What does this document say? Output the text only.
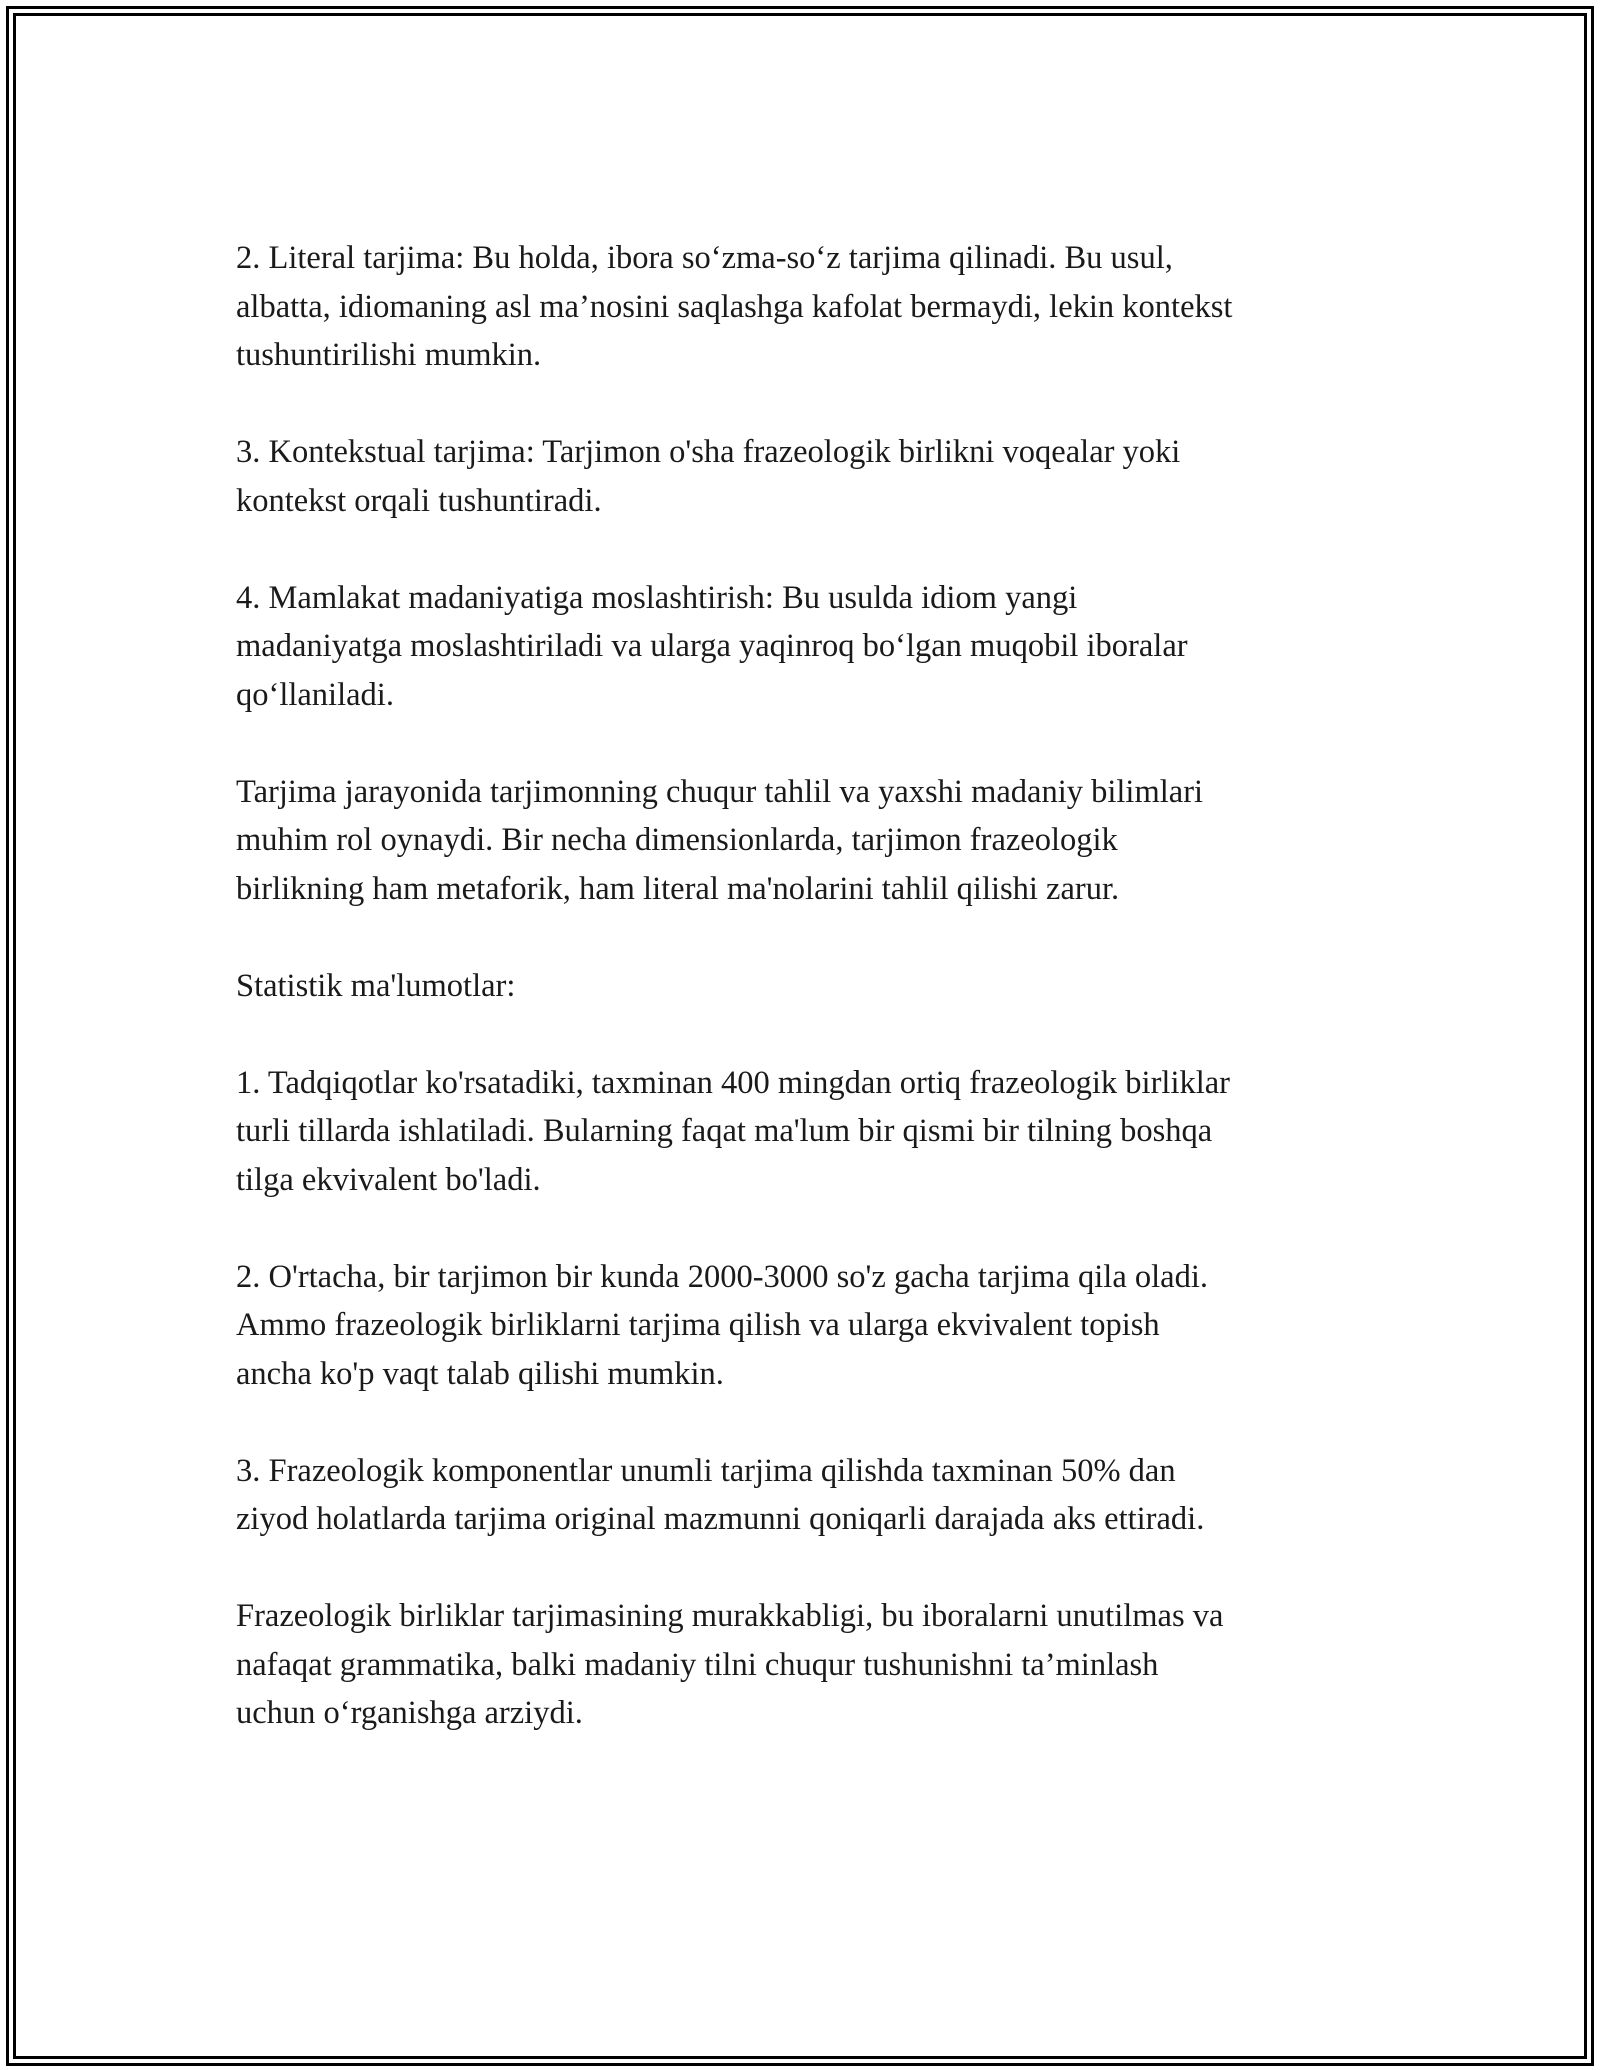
2. Literal tarjima: Bu holda, ibora so‘zma-so‘z tarjima qilinadi. Bu usul,
albatta, idiomaning asl ma’nosini saqlashga kafolat bermaydi, lekin kontekst
tushuntirilishi mumkin.

3. Kontekstual tarjima: Tarjimon o'sha frazeologik birlikni voqealar yoki
kontekst orqali tushuntiradi.

4. Mamlakat madaniyatiga moslashtirish: Bu usulda idiom yangi
madaniyatga moslashtiriladi va ularga yaqinroq bo‘lgan muqobil iboralar
qo‘llaniladi.

Tarjima jarayonida tarjimonning chuqur tahlil va yaxshi madaniy bilimlari
muhim rol oynaydi. Bir necha dimensionlarda, tarjimon frazeologik
birlikning ham metaforik, ham literal ma'nolarini tahlil qilishi zarur.

Statistik ma'lumotlar:

1. Tadqiqotlar ko'rsatadiki, taxminan 400 mingdan ortiq frazeologik birliklar
turli tillarda ishlatiladi. Bularning faqat ma'lum bir qismi bir tilning boshqa
tilga ekvivalent bo'ladi.

2. O'rtacha, bir tarjimon bir kunda 2000-3000 so'z gacha tarjima qila oladi.
Ammo frazeologik birliklarni tarjima qilish va ularga ekvivalent topish
ancha ko'p vaqt talab qilishi mumkin.

3. Frazeologik komponentlar unumli tarjima qilishda taxminan 50% dan
ziyod holatlarda tarjima original mazmunni qoniqarli darajada aks ettiradi.

Frazeologik birliklar tarjimasining murakkabligi, bu iboralarni unutilmas va
nafaqat grammatika, balki madaniy tilni chuqur tushunishni ta’minlash
uchun o‘rganishga arziydi.
